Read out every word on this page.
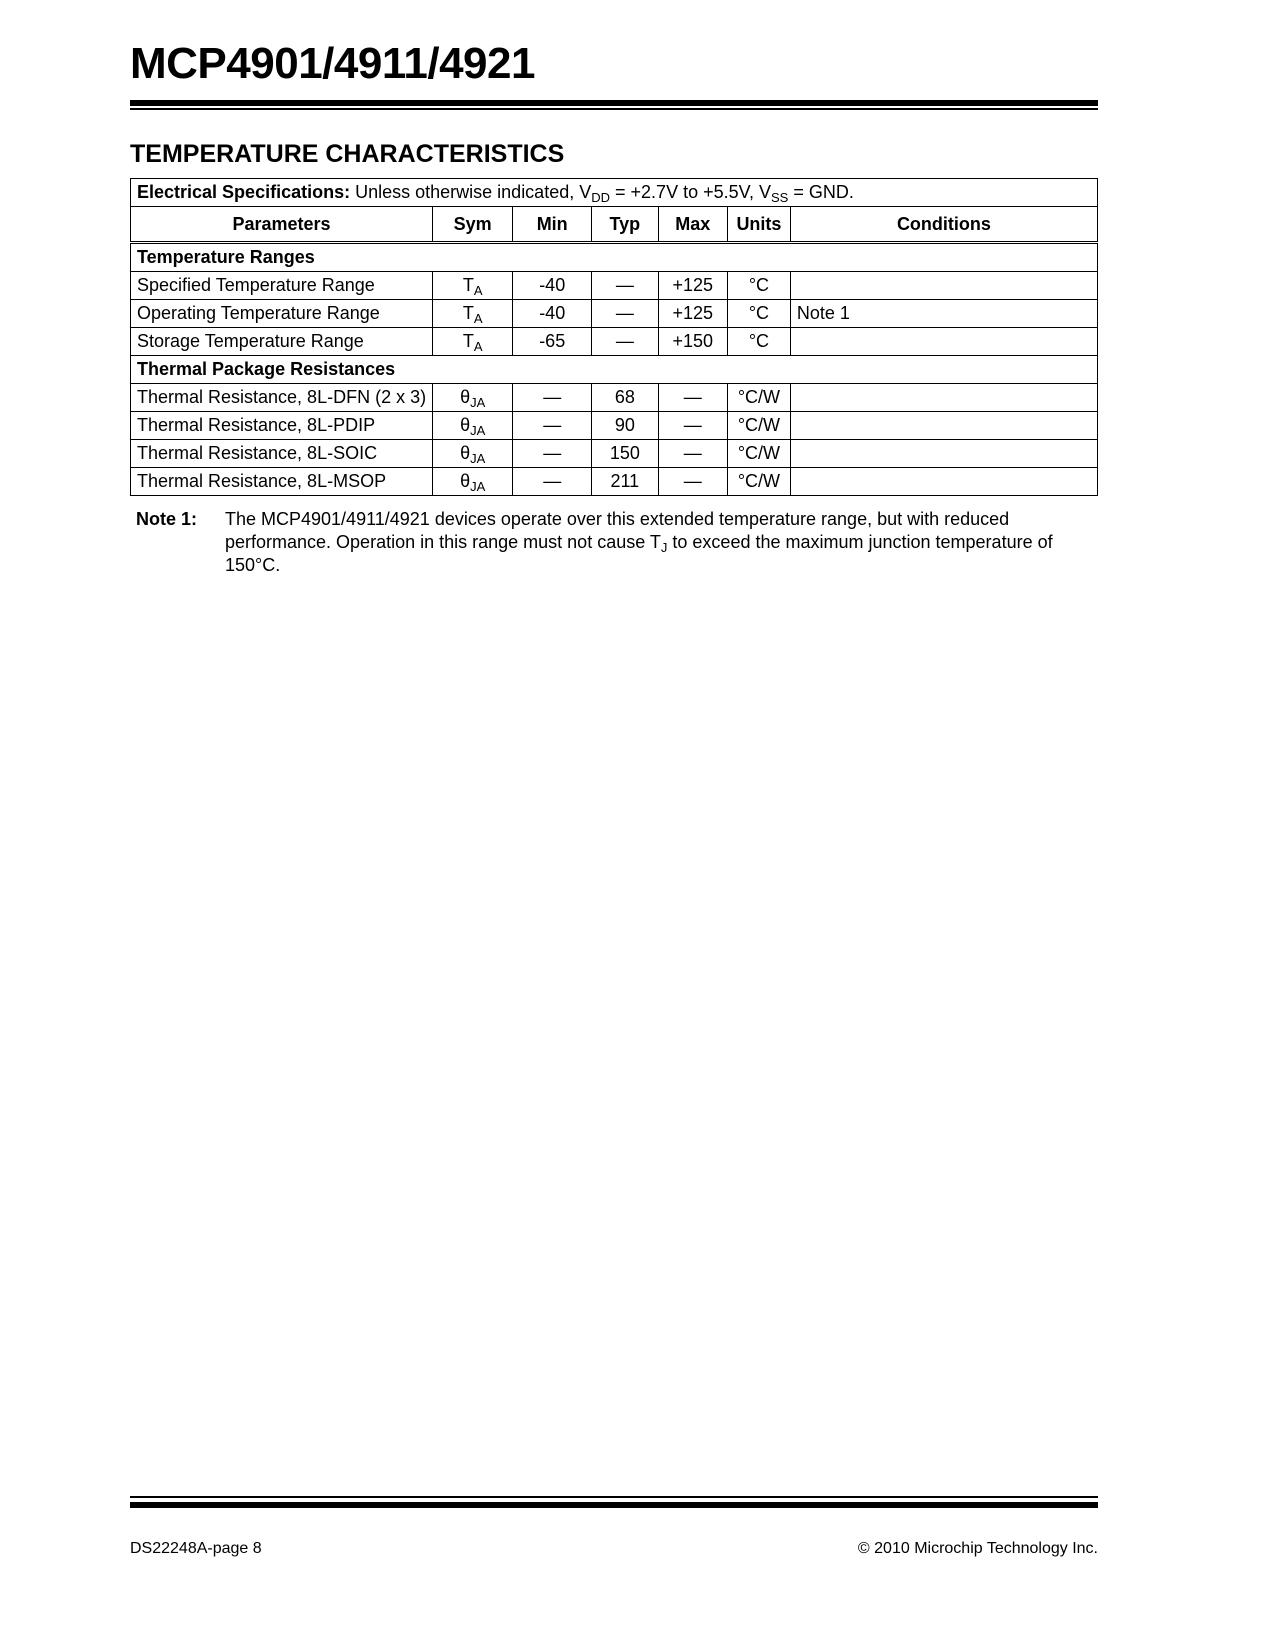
MCP4901/4911/4921
TEMPERATURE CHARACTERISTICS
Electrical Specifications: Unless otherwise indicated, $V_{DD} = +2.7V$ to +5.5V, $V_{SS}$ = GND.						
Parameters	Sym	Min	Typ	Max	Units	Conditions
Temperature Ranges						
Specified Temperature Range	$T_A$	-40	—	+125	°C	
Operating Temperature Range	$T_A$	-40	—	+125	°C	Note 1
Storage Temperature Range	$T_A$	-65	—	+150	°C	
Thermal Package Resistances						
Thermal Resistance, 8L-DFN (2 x 3)	$\theta_{JA}$	—	68	—	°C/W	
Thermal Resistance, 8L-PDIP	$\theta_{JA}$	—	90	—	°C/W	
Thermal Resistance, 8L-SOIC	$\theta_{JA}$	—	150	—	°C/W	
Thermal Resistance, 8L-MSOP	$\theta_{JA}$	—	211	—	°C/W	
Note 1: The MCP4901/4911/4921 devices operate over this extended temperature range, but with reduced performance. Operation in this range must not cause $T_J$ to exceed the maximum junction temperature of 150°C.
DS22248A-page 8	© 2010 Microchip Technology Inc.
